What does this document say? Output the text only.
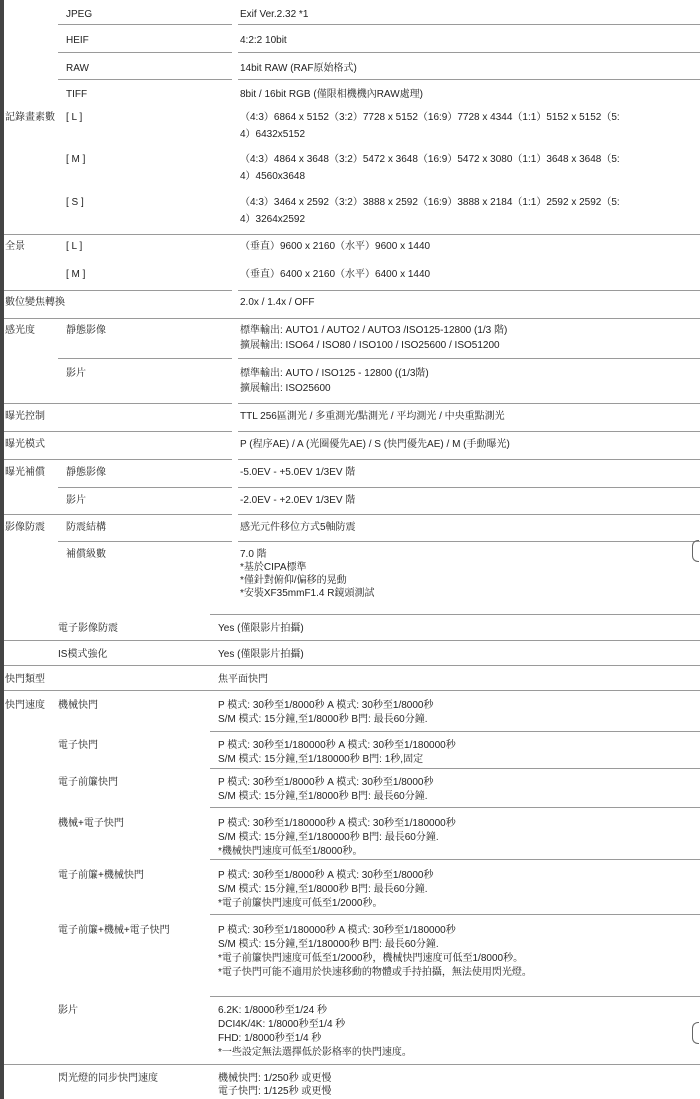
JPEG	Exif Ver.2.32 *1
HEIF	4:2:2 10bit
RAW	14bit RAW (RAF原始格式)
TIFF	8bit / 16bit RGB (僅限相機機內RAW處理)
記錄畫素數 [ L ]	（4:3）6864 x 5152（3:2）7728 x 5152（16:9）7728 x 4344（1:1）5152 x 5152（5:
4）6432x5152
[ M ]	（4:3）4864 x 3648（3:2）5472 x 3648（16:9）5472 x 3080（1:1）3648 x 3648（5:
4）4560x3648
[ S ]	（4:3）3464 x 2592（3:2）3888 x 2592（16:9）3888 x 2184（1:1）2592 x 2592（5:
4）3264x2592
全景	[ L ]	（垂直）9600 x 2160（水平）9600 x 1440
[ M ]	（垂直）6400 x 2160（水平）6400 x 1440
數位變焦轉換	2.0x / 1.4x / OFF
感光度	靜態影像	標準輸出: AUTO1 / AUTO2 / AUTO3 /ISO125-12800 (1/3 階)
擴展輸出: ISO64 / ISO80 / ISO100 / ISO25600 / ISO51200
影片	標準輸出: AUTO / ISO125 - 12800 ((1/3階)
擴展輸出: ISO25600
曝光控制	TTL 256區測光 / 多重測光/點測光 / 平均測光 / 中央重點測光
曝光模式	P (程序AE) / A (光圈優先AE) / S (快門優先AE) / M (手動曝光)
曝光補償 靜態影像	-5.0EV - +5.0EV 1/3EV 階
影片	-2.0EV - +2.0EV 1/3EV 階
影像防震 防震結構	感光元件移位方式5軸防震
補償級數	7.0 階
*基於CIPA標準
*僅針對俯仰/偏移的晃動
*安裝XF35mmF1.4 R鏡頭測試
電子影像防震	Yes (僅限影片拍攝)
IS模式強化	Yes (僅限影片拍攝)
快門類型	焦平面快門
快門速度 機械快門	P 模式: 30秒至1/8000秒 A 模式: 30秒至1/8000秒
S/M 模式: 15分鐘,至1/8000秒 B門: 最長60分鐘.
電子快門	P 模式: 30秒至1/180000秒 A 模式: 30秒至1/180000秒
S/M 模式: 15分鐘,至1/180000秒 B門: 1秒,固定
電子前簾快門	P 模式: 30秒至1/8000秒 A 模式: 30秒至1/8000秒
S/M 模式: 15分鐘,至1/8000秒 B門: 最長60分鐘.
機械+電子快門	P 模式: 30秒至1/180000秒 A 模式: 30秒至1/180000秒
S/M 模式: 15分鐘,至1/180000秒 B門: 最長60分鐘.
*機械快門速度可低至1/8000秒。
電子前簾+機械快門	P 模式: 30秒至1/8000秒 A 模式: 30秒至1/8000秒
S/M 模式: 15分鐘,至1/8000秒 B門: 最長60分鐘.
*電子前簾快門速度可低至1/2000秒。
電子前簾+機械+電子快門	P 模式: 30秒至1/180000秒 A 模式: 30秒至1/180000秒
S/M 模式: 15分鐘,至1/180000秒 B門: 最長60分鐘.
*電子前簾快門速度可低至1/2000秒，機械快門速度可低至1/8000秒。
*電子快門可能不適用於快速移動的物體或手持拍攝，無法使用閃光燈。
影片	6.2K: 1/8000秒至1/24 秒
DCI4K/4K: 1/8000秒至1/4 秒
FHD: 1/8000秒至1/4 秒
*一些設定無法選擇低於影格率的快門速度。
閃光燈的同步快門速度	機械快門: 1/250秒 或更慢
電子快門: 1/125秒 或更慢
